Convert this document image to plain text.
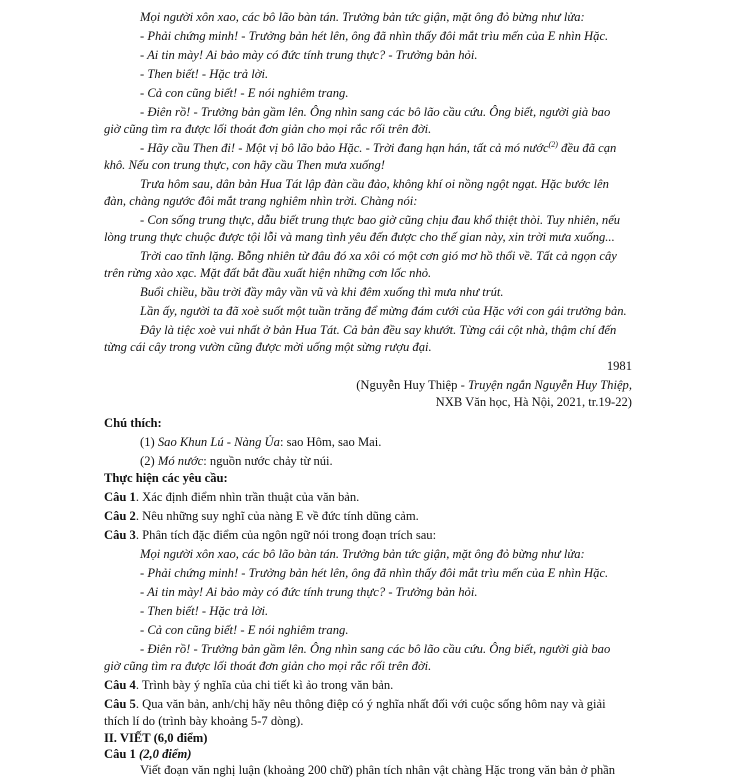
Mọi người xôn xao, các bô lão bàn tán. Trưởng bản tức giận, mặt ông đỏ bừng như lửa:
- Phải chứng minh! - Trưởng bản hét lên, ông đã nhìn thấy đôi mắt trìu mến của E nhìn Hặc.
- Ai tin mày! Ai bảo mày có đức tính trung thực? - Trưởng bản hỏi.
- Then biết! - Hặc trả lời.
- Cả con cũng biết! - E nói nghiêm trang.
- Điên rồ! - Trưởng bản gầm lên. Ông nhìn sang các bô lão cầu cứu. Ông biết, người già bao
giờ cũng tìm ra được lối thoát đơn giản cho mọi rắc rối trên đời.
- Hãy cầu Then đi! - Một vị bô lão bảo Hặc. - Trời đang hạn hán, tất cả mó nước$^{(2)}$ đều đã cạn
khô. Nếu con trung thực, con hãy cầu Then mưa xuống!
Trưa hôm sau, dân bản Hua Tát lập đàn cầu đảo, không khí oi nồng ngột ngạt. Hặc bước lên
đàn, chàng ngước đôi mắt trang nghiêm nhìn trời. Chàng nói:
- Con sống trung thực, dẫu biết trung thực bao giờ cũng chịu đau khổ thiệt thòi. Tuy nhiên, nếu
lòng trung thực chuộc được tội lỗi và mang tình yêu đến được cho thế gian này, xin trời mưa xuống...
Trời cao tĩnh lặng. Bỗng nhiên từ đâu đó xa xôi có một cơn gió mơ hồ thổi về. Tất cả ngọn cây
trên rừng xào xạc. Mặt đất bắt đầu xuất hiện những cơn lốc nhỏ.
Buổi chiều, bầu trời đầy mây vần vũ và khi đêm xuống thì mưa như trút.
Lần ấy, người ta đã xoè suốt một tuần trăng để mừng đám cưới của Hặc với con gái trưởng bản.
Đây là tiệc xoè vui nhất ở bản Hua Tát. Cả bản đều say khướt. Từng cái cột nhà, thậm chí đến
từng cái cây trong vườn cũng được mời uống một sừng rượu đại.
1981
(Nguyễn Huy Thiệp - Truyện ngắn Nguyễn Huy Thiệp,
NXB Văn học, Hà Nội, 2021, tr.19-22)
Chú thích:
(1) Sao Khun Lú - Nàng Ủa: sao Hôm, sao Mai.
(2) Mó nước: nguồn nước chảy từ núi.
Thực hiện các yêu cầu:
Câu 1. Xác định điểm nhìn trần thuật của văn bản.
Câu 2. Nêu những suy nghĩ của nàng E về đức tính dũng cảm.
Câu 3. Phân tích đặc điểm của ngôn ngữ nói trong đoạn trích sau:
Mọi người xôn xao, các bô lão bàn tán. Trưởng bản tức giận, mặt ông đỏ bừng như lửa:
- Phải chứng minh! - Trưởng bản hét lên, ông đã nhìn thấy đôi mắt trìu mến của E nhìn Hặc.
- Ai tin mày! Ai bảo mày có đức tính trung thực? - Trưởng bản hỏi.
- Then biết! - Hặc trả lời.
- Cả con cũng biết! - E nói nghiêm trang.
- Điên rồ! - Trưởng bản gầm lên. Ông nhìn sang các bô lão cầu cứu. Ông biết, người già bao
giờ cũng tìm ra được lối thoát đơn giản cho mọi rắc rối trên đời.
Câu 4. Trình bày ý nghĩa của chi tiết kì ảo trong văn bản.
Câu 5. Qua văn bản, anh/chị hãy nêu thông điệp có ý nghĩa nhất đối với cuộc sống hôm nay và giải
thích lí do (trình bày khoảng 5-7 dòng).
II. VIẾT (6,0 điểm)
Câu 1 (2,0 điểm)
Viết đoạn văn nghị luận (khoảng 200 chữ) phân tích nhân vật chàng Hặc trong văn bản ở phần
